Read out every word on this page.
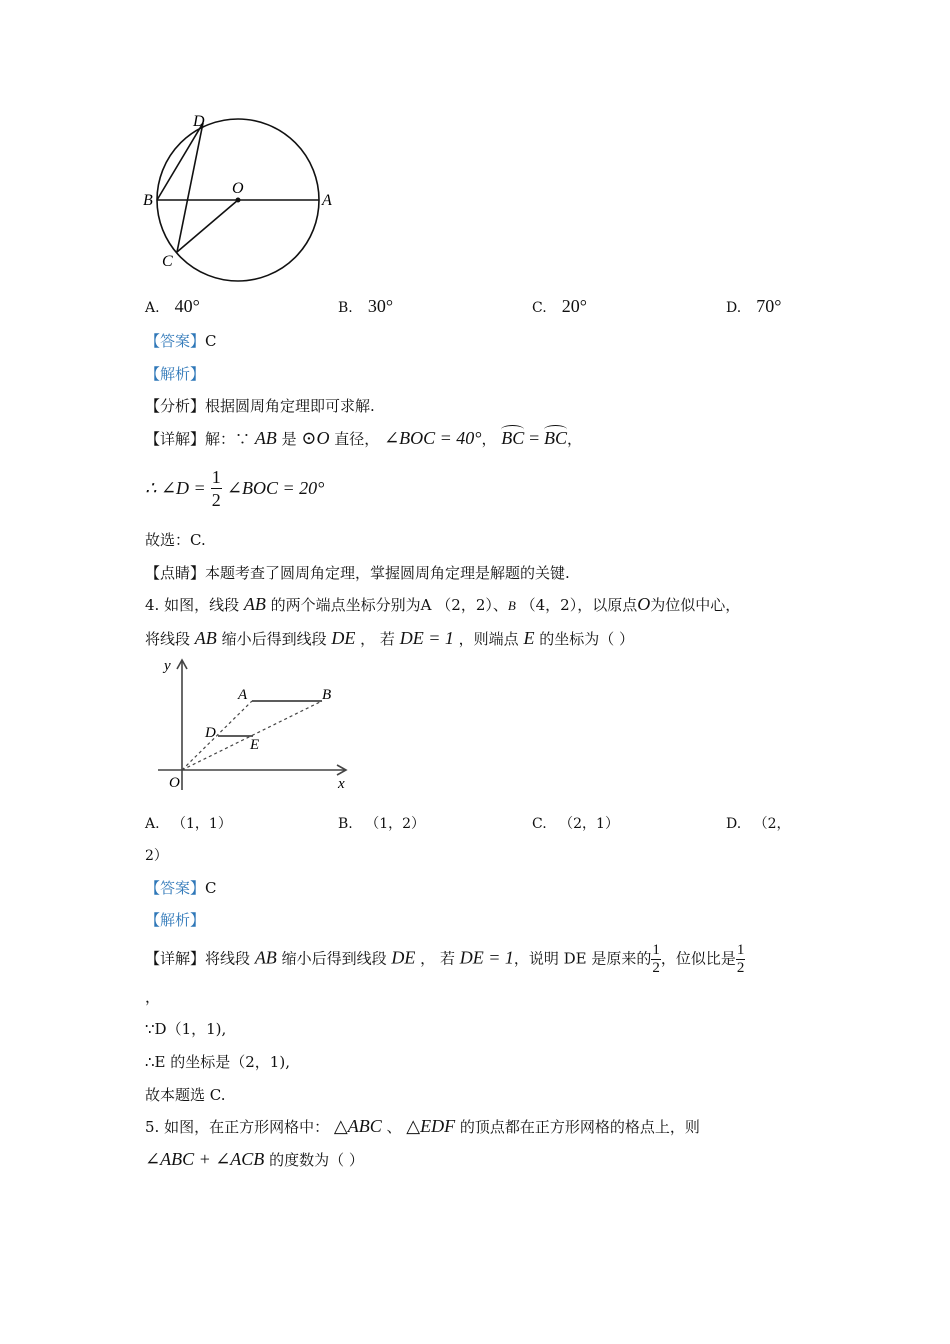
D
B
O
A
C
A. 40°	B. 30°	C. 20°	D. 70°
【答案】C
【解析】
【分析】根据圆周角定理即可求解.
【详解】解：∵ AB 是 ⊙O 直径， ∠BOC = 40°， BC = BC，
∴ ∠D = $\frac{1}{2}$ ∠BOC = 20°
故选：C.
【点睛】本题考查了圆周角定理，掌握圆周角定理是解题的关键.
4. 如图，线段 AB 的两个端点坐标分别为A （2，2）、B （4，2），以原点O为位似中心，
将线段 AB 缩小后得到线段 DE ， 若 DE = 1 ，则端点 E 的坐标为（ ）
y
x
O
A	B
D
E
A. （1，1）	B. （1，2）	C. （2，1）	D. （2，
2）
【答案】C
【解析】
【详解】将线段 AB 缩小后得到线段 DE ， 若 DE = 1，说明 DE 是原来的 $\frac{1}{2}$ ，位似比是 $\frac{1}{2}$
，
∵D（1，1),
∴E 的坐标是（2，1),
故本题选 C.
5. 如图，在正方形网格中： △ABC 、 △EDF 的顶点都在正方形网格的格点上，则
∠ABC + ∠ACB 的度数为（ ）
